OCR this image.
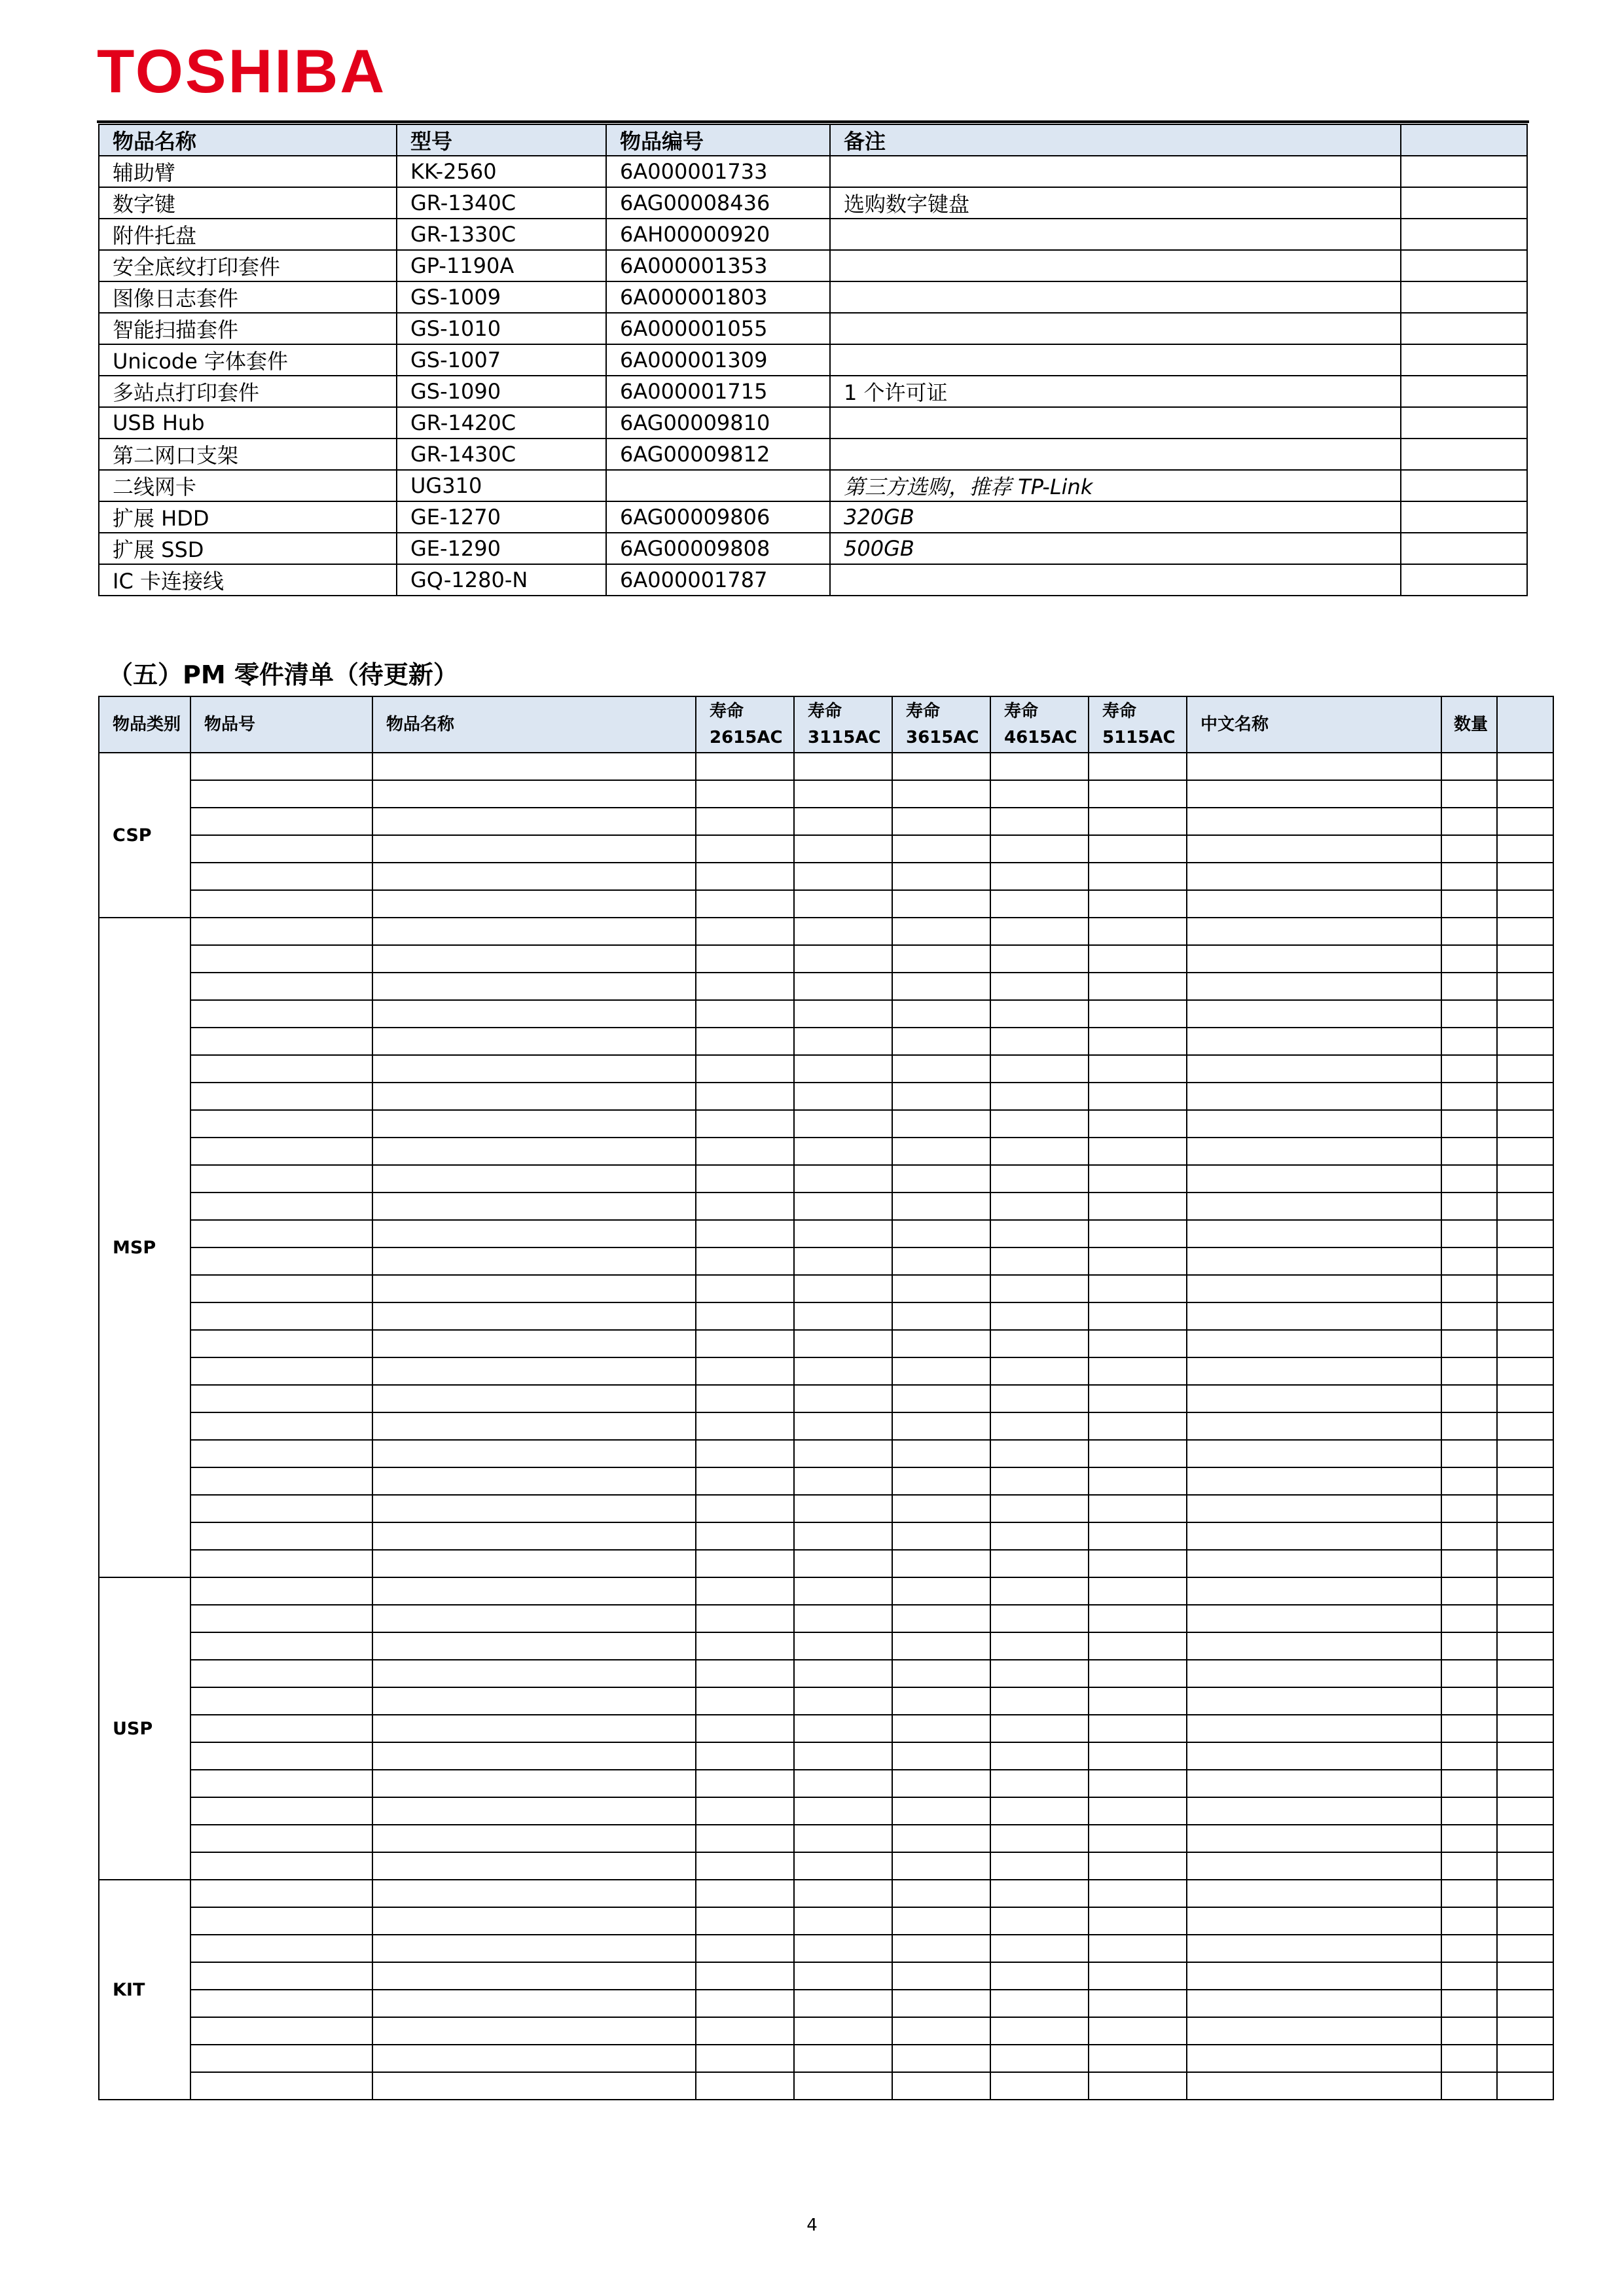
TOSHIBA
物品名称	型号	物品编号	备注	
辅助臂	KK-2560	6A000001733		
数字键	GR-1340C	6AG00008436	选购数字键盘	
附件托盘	GR-1330C	6AH00000920		
安全底纹打印套件	GP-1190A	6A000001353		
图像日志套件	GS-1009	6A000001803		
智能扫描套件	GS-1010	6A000001055		
Unicode 字体套件	GS-1007	6A000001309		
多站点打印套件	GS-1090	6A000001715	1 个许可证	
USB Hub	GR-1420C	6AG00009810		
第二网口支架	GR-1430C	6AG00009812		
二线网卡	UG310		第三方选购，推荐 TP-Link	
扩展 HDD	GE-1270	6AG00009806	320GB	
扩展 SSD	GE-1290	6AG00009808	500GB	
IC 卡连接线	GQ-1280-N	6A000001787		
（五）PM 零件清单（待更新）
物品类别	物品号	物品名称	寿命 2615AC	寿命 3115AC	寿命 3615AC	寿命 4615AC	寿命 5115AC	中文名称	数量	
CSP										

MSP										

USP										

KIT										

4
